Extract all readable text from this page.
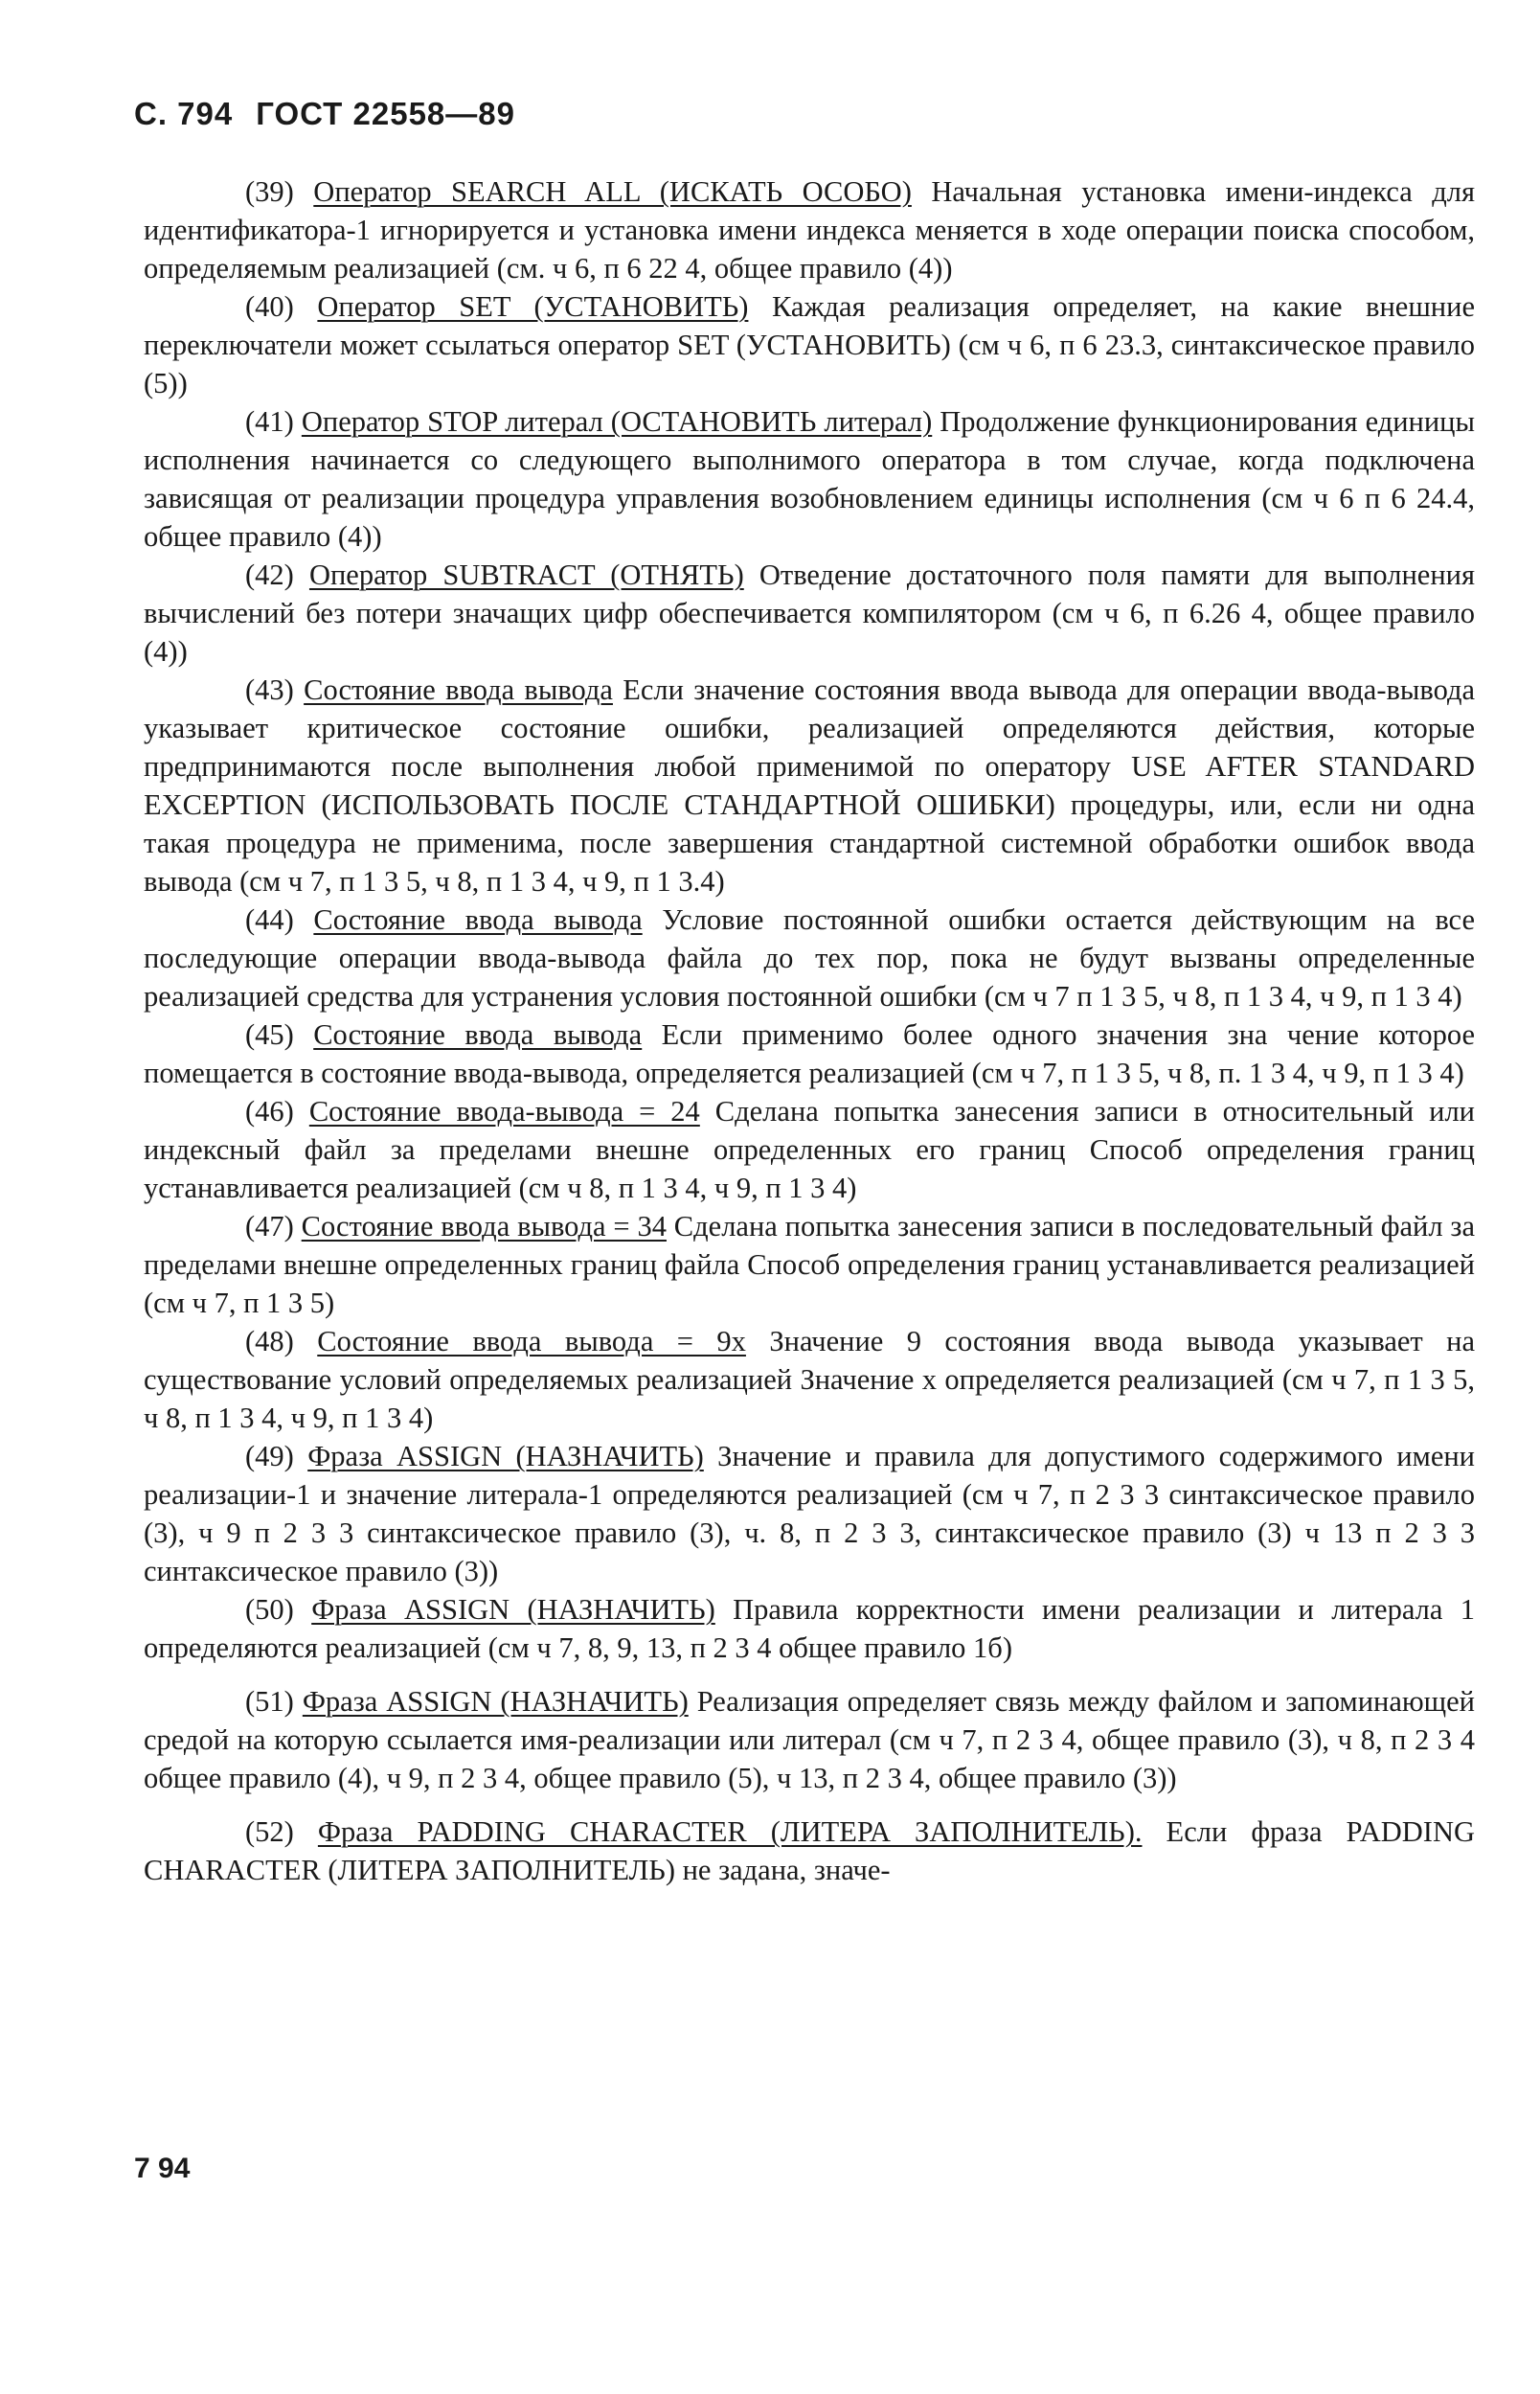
С. 794 ГОСТ 22558—89

(39) Оператор SEARCH ALL (ИСКАТЬ ОСОБО) Начальная установка имени-индекса для идентификатора-1 игнорируется и установка имени индекса меняется в ходе операции поиска способом, определяемым реализацией (см. ч 6, п 6 22 4, общее правило (4))

(40) Оператор SET (УСТАНОВИТЬ) Каждая реализация определяет, на какие внешние переключатели может ссылаться оператор SET (УСТАНОВИТЬ) (см ч 6, п 6 23.3, синтаксическое правило (5))

(41) Оператор STOP литерал (ОСТАНОВИТЬ литерал) Продолжение функционирования единицы исполнения начинается со следующего выполнимого оператора в том случае, когда подключена зависящая от реализации процедура управления возобновлением единицы исполнения (см ч 6 п 6 24.4, общее правило (4))

(42) Оператор SUBTRACT (ОТНЯТЬ) Отведение достаточного поля памяти для выполнения вычислений без потери значащих цифр обеспечивается компилятором (см ч 6, п 6.26 4, общее правило (4))

(43) Состояние ввода вывода Если значение состояния ввода вывода для операции ввода-вывода указывает критическое состояние ошибки, реализацией определяются действия, которые предпринимаются после выполнения любой применимой по оператору USE AFTER STANDARD EXCEPTION (ИСПОЛЬЗОВАТЬ ПОСЛЕ СТАНДАРТНОЙ ОШИБКИ) процедуры, или, если ни одна такая процедура не применима, после завершения стандартной системной обработки ошибок ввода вывода (см ч 7, п 1 3 5, ч 8, п 1 3 4, ч 9, п 1 3.4)

(44) Состояние ввода вывода Условие постоянной ошибки остается действующим на все последующие операции ввода-вывода файла до тех пор, пока не будут вызваны определенные реализацией средства для устранения условия постоянной ошибки (см ч 7 п 1 3 5, ч 8, п 1 3 4, ч 9, п 1 3 4)

(45) Состояние ввода вывода Если применимо более одного значения зна чение которое помещается в состояние ввода-вывода, определяется реализацией (см ч 7, п 1 3 5, ч 8, п. 1 3 4, ч 9, п 1 3 4)

(46) Состояние ввода-вывода = 24 Сделана попытка занесения записи в относительный или индексный файл за пределами внешне определенных его границ Способ определения границ устанавливается реализацией (см ч 8, п 1 3 4, ч 9, п 1 3 4)

(47) Состояние ввода вывода = 34 Сделана попытка занесения записи в последовательный файл за пределами внешне определенных границ файла Способ определения границ устанавливается реализацией (см ч 7, п 1 3 5)

(48) Состояние ввода вывода = 9х Значение 9 состояния ввода вывода указывает на существование условий определяемых реализацией Значение х определяется реализацией (см ч 7, п 1 3 5, ч 8, п 1 3 4, ч 9, п 1 3 4)

(49) Фраза ASSIGN (НАЗНАЧИТЬ) Значение и правила для допустимого содержимого имени реализации-1 и значение литерала-1 определяются реализацией (см ч 7, п 2 3 3 синтаксическое правило (3), ч 9 п 2 3 3 синтаксическое правило (3), ч. 8, п 2 3 3, синтаксическое правило (3) ч 13 п 2 3 3 синтаксическое правило (3))

(50) Фраза ASSIGN (НАЗНАЧИТЬ) Правила корректности имени реализации и литерала 1 определяются реализацией (см ч 7, 8, 9, 13, п 2 3 4 общее правило 1б)

(51) Фраза ASSIGN (НАЗНАЧИТЬ) Реализация определяет связь между файлом и запоминающей средой на которую ссылается имя-реализации или литерал (см ч 7, п 2 3 4, общее правило (3), ч 8, п 2 3 4 общее правило (4), ч 9, п 2 3 4, общее правило (5), ч 13, п 2 3 4, общее правило (3))

(52) Фраза PADDING CHARACTER (ЛИТЕРА ЗАПОЛНИТЕЛЬ). Если фраза PADDING CHARACTER (ЛИТЕРА ЗАПОЛНИТЕЛЬ) не задана, значе-

7 94
